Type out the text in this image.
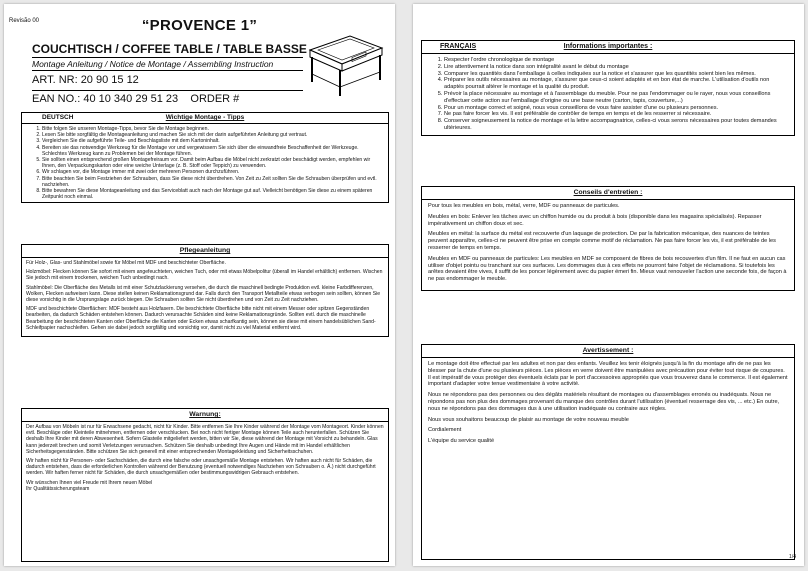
Revisão 00	“PROVENCE 1”
COUCHTISCH / COFFEE TABLE / TABLE BASSE
Montage Anleitung / Notice de Montage / Assembling Instruction
ART. NR: 20 90 15 12
EAN NO.: 40 10 340 29 51 23 ORDER #
DEUTSCH	Wichtige Montage - Tipps
1. Bitte folgen Sie unseren Montage-Tipps, bevor Sie die Montage beginnen.
2. Lesen Sie bitte sorgfältig die Montageanleitung und machen Sie sich mit der darin aufgeführten Anleitung gut vertraut.
3. Vergleichen Sie die aufgeführte Teile- und Beschlagsliste mit dem Kartoninhalt.
4. Bereiten sie das notwendige Werkzeug für die Montage vor und vergewissern Sie sich über die einwandfreie Beschaffenheit der Werkzeuge. Schlechtes Werkzeug kann zu Problemen bei der Montage führen.
5. Sie sollten einen entsprechend großen Montagefreiraum vor. Damit beim Aufbau die Möbel nicht zerkratzt oder beschädigt werden, empfehlen wir Ihnen, den Verpackungskarton oder eine weiche Unterlage (z. B. Stoff oder Teppich) zu verwenden.
6. Wir schlagen vor, die Montage immer mit zwei oder mehreren Personen durchzuführen.
7. Bitte beachten Sie beim Festziehen der Schrauben, dass Sie diese nicht überdrehen. Von Zeit zu Zeit sollten Sie die Schrauben überprüfen und evtl. nachziehen.
8. Bitte bewahren Sie diese Montageanleitung und das Serviceblatt auch nach der Montage gut auf. Vielleicht benötigen Sie diese zu einem späteren Zeitpunkt noch einmal.
Pflegeanleitung

Für Holz-, Glas- und Stahlmöbel sowie für Möbel mit MDF und beschichteter Oberfläche.

Holzmöbel: Flecken können Sie sofort mit einem angefeuchteten, weichen Tuch, oder mit etwas Möbelpolitur (überall im Handel erhältlich) entfernen. Wischen Sie jedoch mit einem trockenen, weichen Tuch unbedingt nach.

Stahlmöbel: Die Oberfläche des Metalls ist mit einer Schutzlackierung versehen, die durch die maschinell bedingte Produktion evtl. kleine Farbdifferenzen, Wolken, Flecken aufweisen kann. Diese stellen keinen Reklamationsgrund dar. Falls durch den Transport Metallteile etwas verbogen sein sollten, können Sie diese vorsichtig in die Ursprungslage zurück biegen. Die Schrauben sollten Sie nicht überdrehen und von Zeit zu Zeit nachziehen.

MDF und beschichtete Oberflächen: MDF besteht aus Holzfasern. Die beschichtete Oberfläche bitte nicht mit einem Messer oder spitzen Gegenständen bearbeiten, da dadurch Schäden entstehen können. Dadurch verursachte Schäden sind keine Reklamationsgründe. Sollten evtl. durch die maschinelle Bearbeitung der beschichteten Kanten oder Oberfläche die Kanten oder Ecken etwas scharfkantig sein, können sie diese mit einem handelsüblichen Sand-Schleifpapier nachschleifen. Gehen sie dabei jedoch sorgfältig und vorsichtig vor, damit nicht zu viel Material entfernt wird.

Warnung:

Der Aufbau von Möbeln ist nur für Erwachsene gedacht, nicht für Kinder. Bitte entfernen Sie Ihre Kinder während der Montage vom Montageort. Kinder können evtl. Beschläge oder Kleinteile mitnehmen, entfernen oder verschlucken. Bei noch nicht fertiger Montage können Teile auch herunterfallen. Schützen Sie deshalb Ihre Kinder mit deren Abwesenheit. Sofern Glasteile mitgeliefert werden, bitten wir Sie, diese während der Montage mit Vorsicht zu behandeln. Glas kann jederzeit brechen und somit Verletzungen verursachen. Schützen Sie deshalb unbedingt Ihre Augen und Hände mit im Handel erhältlichen Sicherheitsgegenständen. Bitte schützen Sie sich generell mit einer entsprechenden Montagekleidung und Sicherheitsschuhen.

Wir haften nicht für Personen- oder Sachschäden, die durch eine falsche oder unsachgemäße Montage entstehen. Wir haften auch nicht für Schäden, die dadurch entstehen, dass die erforderlichen Kontrollen während der Benutzung (eventuell notwendiges Nachziehen von Schrauben o. Ä.) nicht durchgeführt werden. Wir haften ferner nicht für Schäden, die durch unsachgemäßen oder bestimmungswidrigen Gebrauch entstehen.

Wir wünschen Ihnen viel Freude mit Ihrem neuen Möbel

Ihr Qualitätssicherungsteam

FRANÇAIS	Informations importantes :
1. Respecter l'ordre chronologique de montage
2. Lire attentivement la notice dans son intégralité avant le début du montage
3. Comparer les quantités dans l'emballage à celles indiquées sur la notice et s'assurer que les quantités soient bien les mêmes.
4. Préparer les outils nécessaires au montage, s'assurer que ceux-ci soient adaptés et en bon état de marche. L'utilisation d'outils non adaptés pourrait altérer le montage et la qualité du produit.
5. Prévoir la place nécessaire au montage et à l'assemblage du meuble. Pour ne pas l'endommager ou le rayer, nous vous conseillons d'effectuer cette action sur l'emballage d'origine ou une base neutre (carton, tapis, couverture,...)
6. Pour un montage correct et soigné, nous vous conseillons de vous faire assister d'une ou plusieurs personnes.
7. Ne pas faire forcer les vis. Il est préférable de contrôler de temps en temps et de les resserrer si nécessaire.
8. Conserver soigneusement la notice de montage et la lettre accompagnatrice, celles-ci vous serons nécessaires pour toutes demandes ultérieures.
Conseils d'entretien :

Pour tous les meubles en bois, métal, verre, MDF ou panneaux de particules.

Meubles en bois: Enlever les tâches avec un chiffon humide ou du produit à bois (disponible dans les magasins spécialisés). Repasser impérativement un chiffon doux et sec.

Meubles en métal: la surface du métal est recouverte d'un laquage de protection. De par la fabrication mécanique, des nuances de teintes peuvent apparaître, celles-ci ne peuvent être prise en compte comme motif de réclamation. Ne pas faire forcer les vis, il est préférable de les resserrer de temps en temps.

Meubles en MDF ou panneaux de particules: Les meubles en MDF se composent de fibres de bois recouvertes d'un film. Il ne faut en aucun cas utiliser d'objet pointu ou tranchant sur ces surfaces. Les dommages dus à ces effets ne pourront faire l'objet de réclamations. Si toutefois les arêtes devaient être vives, il suffit de les poncer légèrement avec du papier émeri fin. Mieux vaut renouveler l'action une seconde fois, de façon à ne pas endommager le meuble.

Avertissement :

Le montage doit être effectué par les adultes et non par des enfants. Veuillez les tenir éloignés jusqu'à la fin du montage afin de ne pas les blesser par la chute d'une ou plusieurs pièces. Les pièces en verre doivent être manipulées avec précaution pour éviter tout risque de coupures. Il est impératif de vous protéger des éventuels éclats par le port d'accessoires appropriés que vous trouverez dans le commerce. Il est également important d'adapter votre tenue vestimentaire à votre activité.

Nous ne répondons pas des personnes ou des dégâts matériels résultant de montages ou d'assemblages erronés ou inadéquats. Nous ne répondons pas non plus des dommages provenant du manque des contrôles durant l'utilisation (éventuel resserrage des vis, ... etc.) En outre, nous ne répondons pas des dommages dus à une utilisation inadéquate ou contraire aux règles.

Nous vous souhaitons beaucoup de plaisir au montage de votre nouveau meuble

Cordialement

L'équipe du service qualité

1/4
